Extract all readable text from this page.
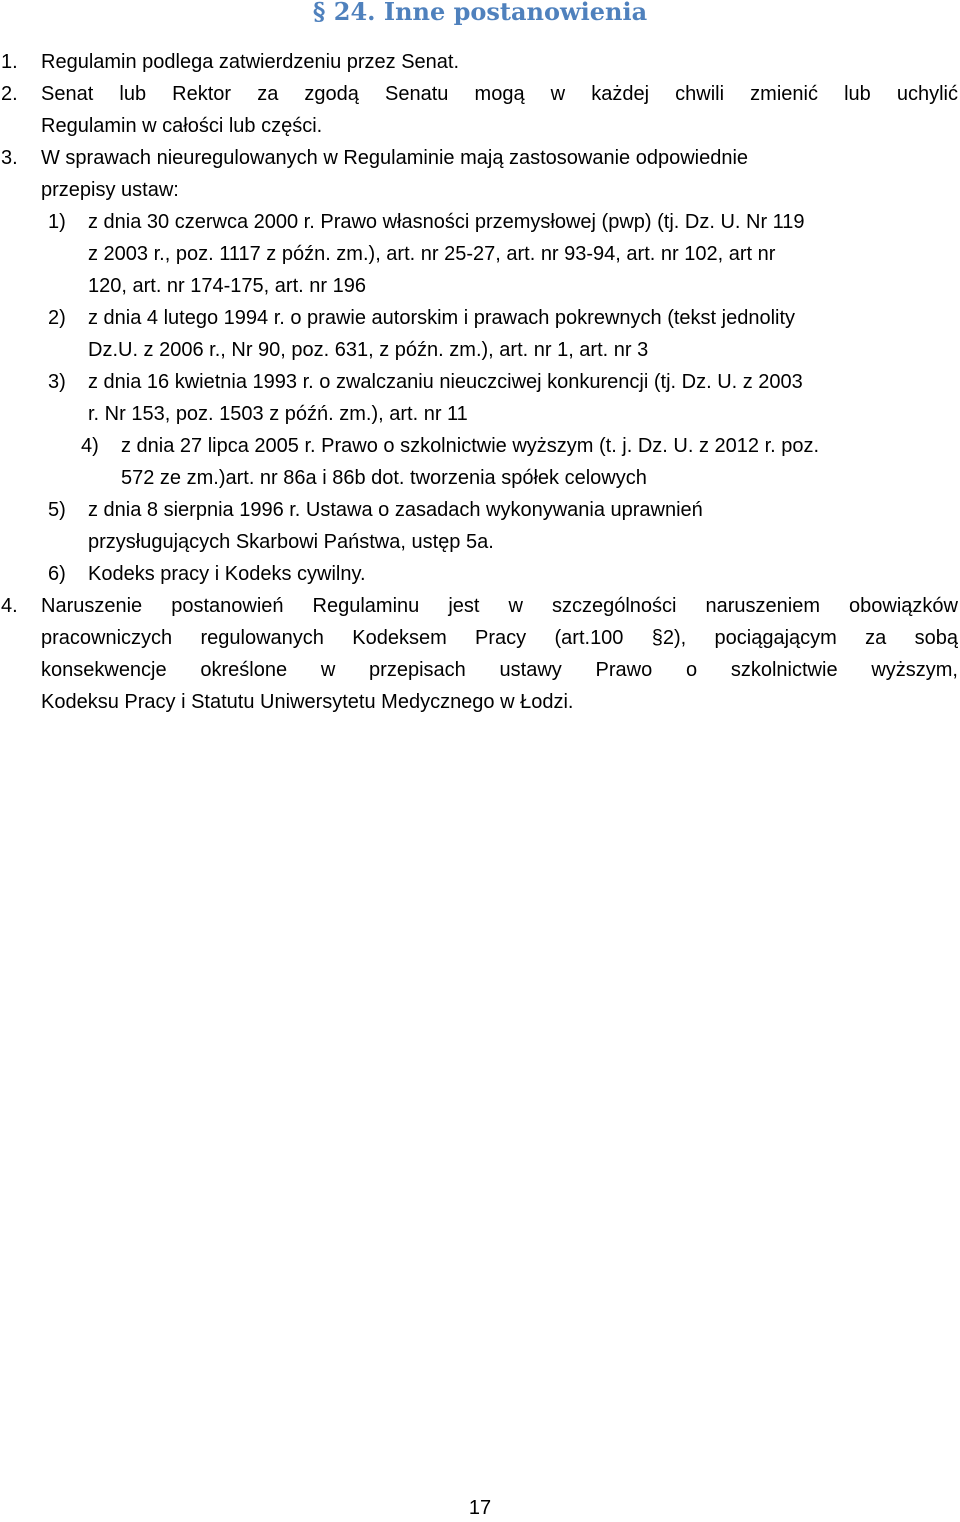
§ 24. Inne postanowienia
1. Regulamin podlega zatwierdzeniu przez Senat.
2. Senat lub Rektor za zgodą Senatu mogą w każdej chwili zmienić lub uchylić
Regulamin w całości lub części.
3. W sprawach nieuregulowanych w Regulaminie mają zastosowanie odpowiednie
przepisy ustaw:
1) z dnia 30 czerwca 2000 r. Prawo własności przemysłowej (pwp) (tj. Dz. U. Nr 119
z 2003 r., poz. 1117 z późn. zm.), art. nr 25-27, art. nr 93-94, art. nr 102, art nr
120, art. nr 174-175, art. nr 196
2) z dnia 4 lutego 1994 r. o prawie autorskim i prawach pokrewnych (tekst jednolity
Dz.U. z 2006 r., Nr 90, poz. 631, z późn. zm.), art. nr 1, art. nr 3
3) z dnia 16 kwietnia 1993 r. o zwalczaniu nieuczciwej konkurencji (tj. Dz. U. z 2003
r. Nr 153, poz. 1503 z późń. zm.), art. nr 11
4) z dnia 27 lipca 2005 r. Prawo o szkolnictwie wyższym (t. j. Dz. U. z 2012 r. poz.
572 ze zm.)art. nr 86a i 86b dot. tworzenia spółek celowych
5) z dnia 8 sierpnia 1996 r. Ustawa o zasadach wykonywania uprawnień
przysługujących Skarbowi Państwa, ustęp 5a.
6) Kodeks pracy i Kodeks cywilny.
4. Naruszenie postanowień Regulaminu jest w szczególności naruszeniem obowiązków
pracowniczych regulowanych Kodeksem Pracy (art.100 §2), pociągającym za sobą
konsekwencje określone w przepisach ustawy Prawo o szkolnictwie wyższym,
Kodeksu Pracy i Statutu Uniwersytetu Medycznego w Łodzi.
17
